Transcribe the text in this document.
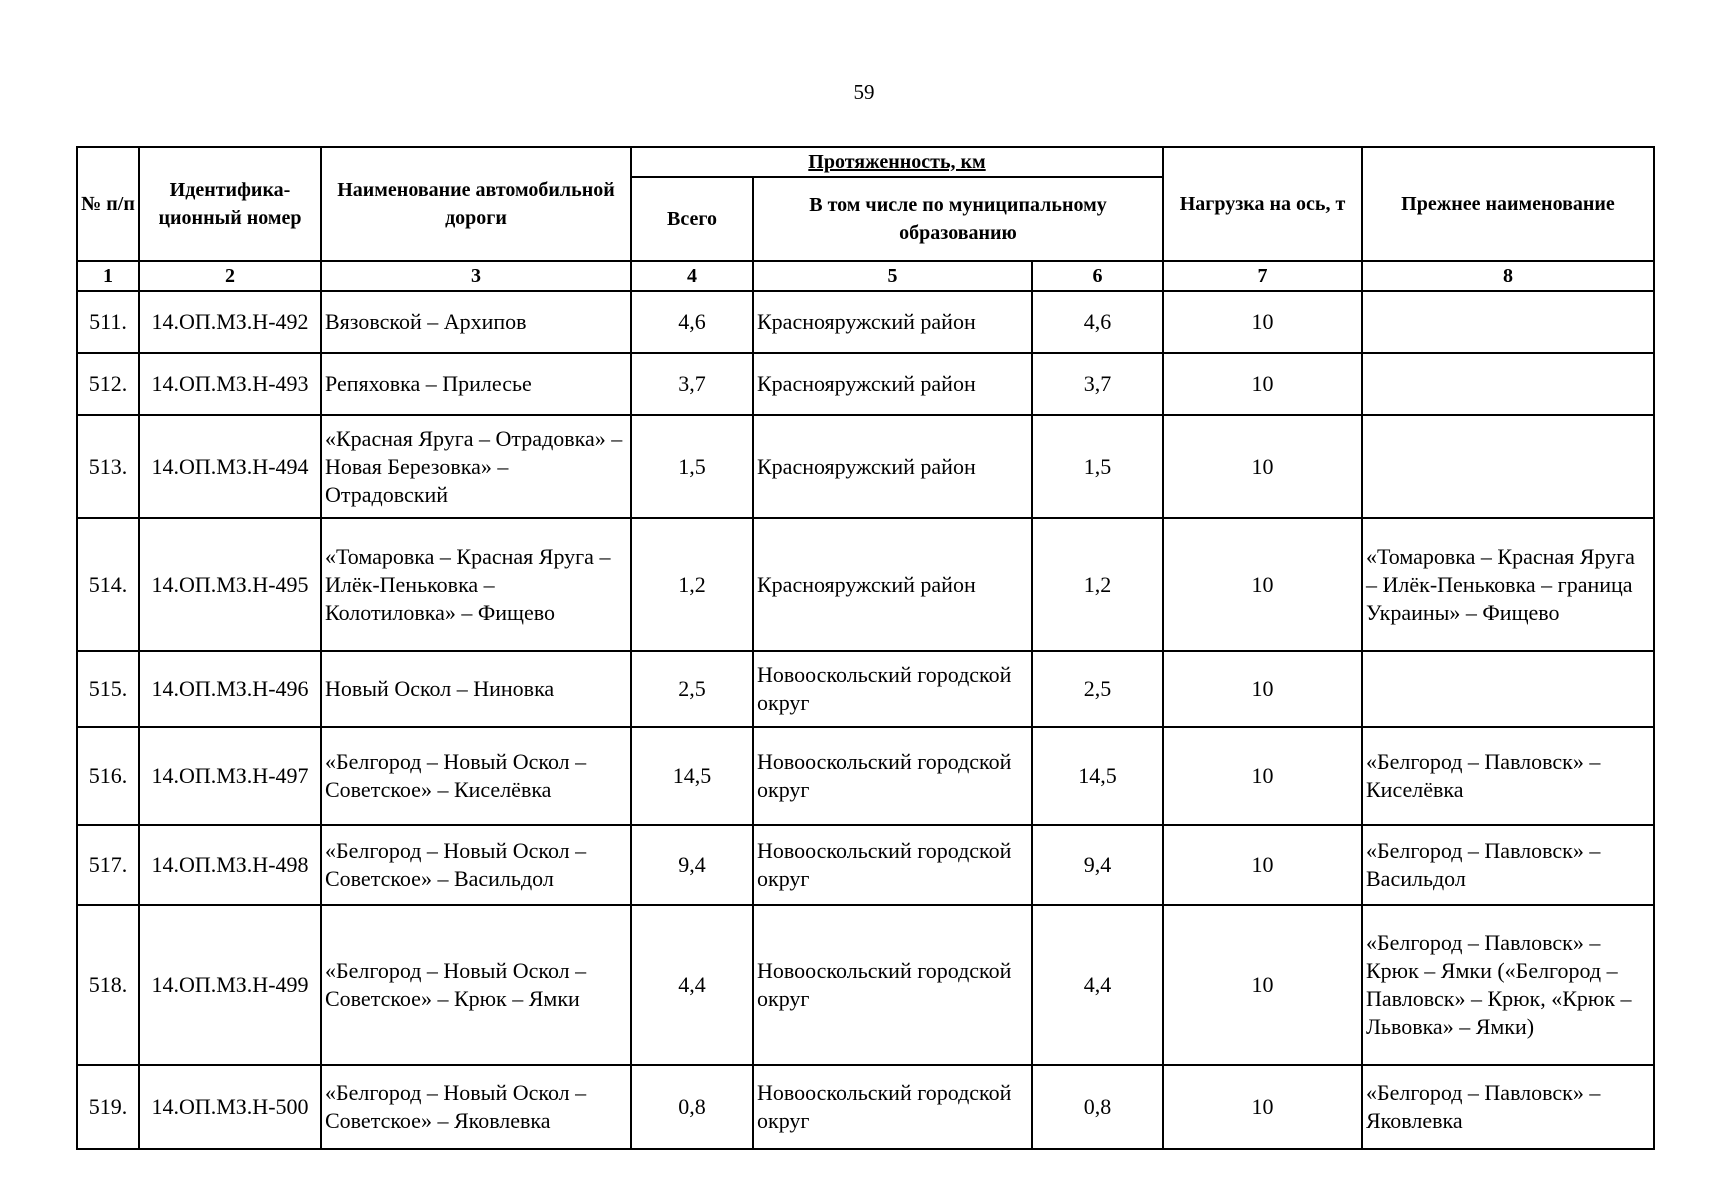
59
№ п/п	Идентифика-ционный номер	Наименование автомобильной дороги	Протяженность, км			Нагрузка на ось, т	Прежнее наименование
			Всего	В том числе по муниципальному образованию			
1	2	3	4	5	6	7	8
511.	14.ОП.МЗ.Н-492	Вязовской – Архипов	4,6	Краснояружский район	4,6	10	
512.	14.ОП.МЗ.Н-493	Репяховка – Прилесье	3,7	Краснояружский район	3,7	10	
513.	14.ОП.МЗ.Н-494	«Красная Яруга – Отрадовка» – Новая Березовка» – Отрадовский	1,5	Краснояружский район	1,5	10	
514.	14.ОП.МЗ.Н-495	«Томаровка – Красная Яруга – Илёк-Пеньковка – Колотиловка» – Фищево	1,2	Краснояружский район	1,2	10	«Томаровка – Красная Яруга – Илёк-Пеньковка – граница Украины» – Фищево
515.	14.ОП.МЗ.Н-496	Новый Оскол – Ниновка	2,5	Новооскольский городской округ	2,5	10	
516.	14.ОП.МЗ.Н-497	«Белгород – Новый Оскол – Советское» – Киселёвка	14,5	Новооскольский городской округ	14,5	10	«Белгород – Павловск» – Киселёвка
517.	14.ОП.МЗ.Н-498	«Белгород – Новый Оскол – Советское» – Васильдол	9,4	Новооскольский городской округ	9,4	10	«Белгород – Павловск» – Васильдол
518.	14.ОП.МЗ.Н-499	«Белгород – Новый Оскол – Советское» – Крюк – Ямки	4,4	Новооскольский городской округ	4,4	10	«Белгород – Павловск» – Крюк – Ямки («Белгород – Павловск» – Крюк, «Крюк – Львовка» – Ямки)
519.	14.ОП.МЗ.Н-500	«Белгород – Новый Оскол – Советское» – Яковлевка	0,8	Новооскольский городской округ	0,8	10	«Белгород – Павловск» – Яковлевка
